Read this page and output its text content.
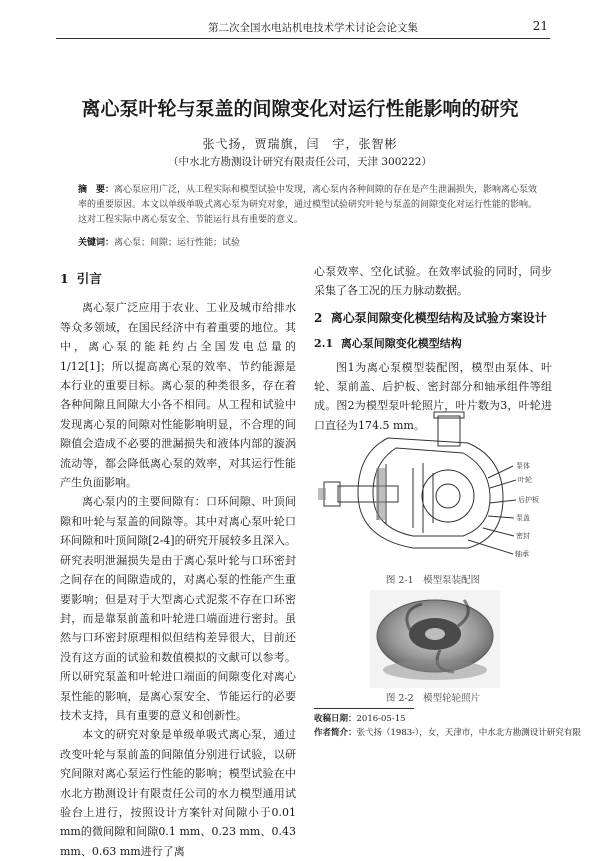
第二次全国水电站机电技术学术讨论会论文集	21
离心泵叶轮与泵盖的间隙变化对运行性能影响的研究
张弋扬，贾瑞旗，闫　宇，张智彬
（中水北方勘测设计研究有限责任公司，天津 300222）
摘　要：离心泵应用广泛，从工程实际和模型试验中发现，离心泵内各种间隙的存在是产生泄漏损失，影响离心泵效率的重要原因。本文以单级单吸式离心泵为研究对象，通过模型试验研究叶轮与泵盖的间隙变化对运行性能的影响。这对工程实际中离心泵安全、节能运行具有重要的意义。
关键词：离心泵；间隙；运行性能；试验
1 引言

离心泵广泛应用于农业、工业及城市给排水等众多领域，在国民经济中有着重要的地位。其中，离心泵的能耗约占全国发电总量的1/12[1]；所以提高离心泵的效率、节约能源是本行业的重要目标。离心泵的种类很多，存在着各种间隙且间隙大小各不相同。从工程和试验中发现离心泵的间隙对性能影响明显，不合理的间隙值会造成不必要的泄漏损失和液体内部的漩涡流动等，都会降低离心泵的效率，对其运行性能产生负面影响。

离心泵内的主要间隙有：口环间隙、叶顶间隙和叶轮与泵盖的间隙等。其中对离心泵叶轮口环间隙和叶顶间隙[2-4]的研究开展较多且深入。研究表明泄漏损失是由于离心泵叶轮与口环密封之间存在的间隙造成的，对离心泵的性能产生重要影响；但是对于大型离心式泥浆不存在口环密封，而是靠泵前盖和叶轮进口端面进行密封。虽然与口环密封原理相似但结构差异很大，目前还没有这方面的试验和数值模拟的文献可以参考。所以研究泵盖和叶轮进口端面的间隙变化对离心泵性能的影响，是离心泵安全、节能运行的必要技术支持，具有重要的意义和创新性。

本文的研究对象是单级单吸式离心泵，通过改变叶轮与泵前盖的间隙值分别进行试验，以研究间隙对离心泵运行性能的影响；模型试验在中水北方勘测设计有限责任公司的水力模型通用试验台上进行，按照设计方案针对间隙小于0.01 mm的微间隙和间隙0.1 mm、0.23 mm、0.43 mm、0.63 mm进行了离

心泵效率、空化试验。在效率试验的同时，同步采集了各工况的压力脉动数据。

2 离心泵间隙变化模型结构及试验方案设计
2.1 离心泵间隙变化模型结构

图1为离心泵模型装配图，模型由泵体、叶轮、泵前盖、后护板、密封部分和轴承组件等组成。图2为模型泵叶轮照片，叶片数为3，叶轮进口直径为174.5 mm。

泵体
叶轮
后护板
泵盖
密封
轴承
图 2-1　模型泵装配图
图 2-2　模型轮轮照片
收稿日期：2016-05-15
作者简介：张弋扬（1983-），女，天津市，中水北方勘测设计研究有限
